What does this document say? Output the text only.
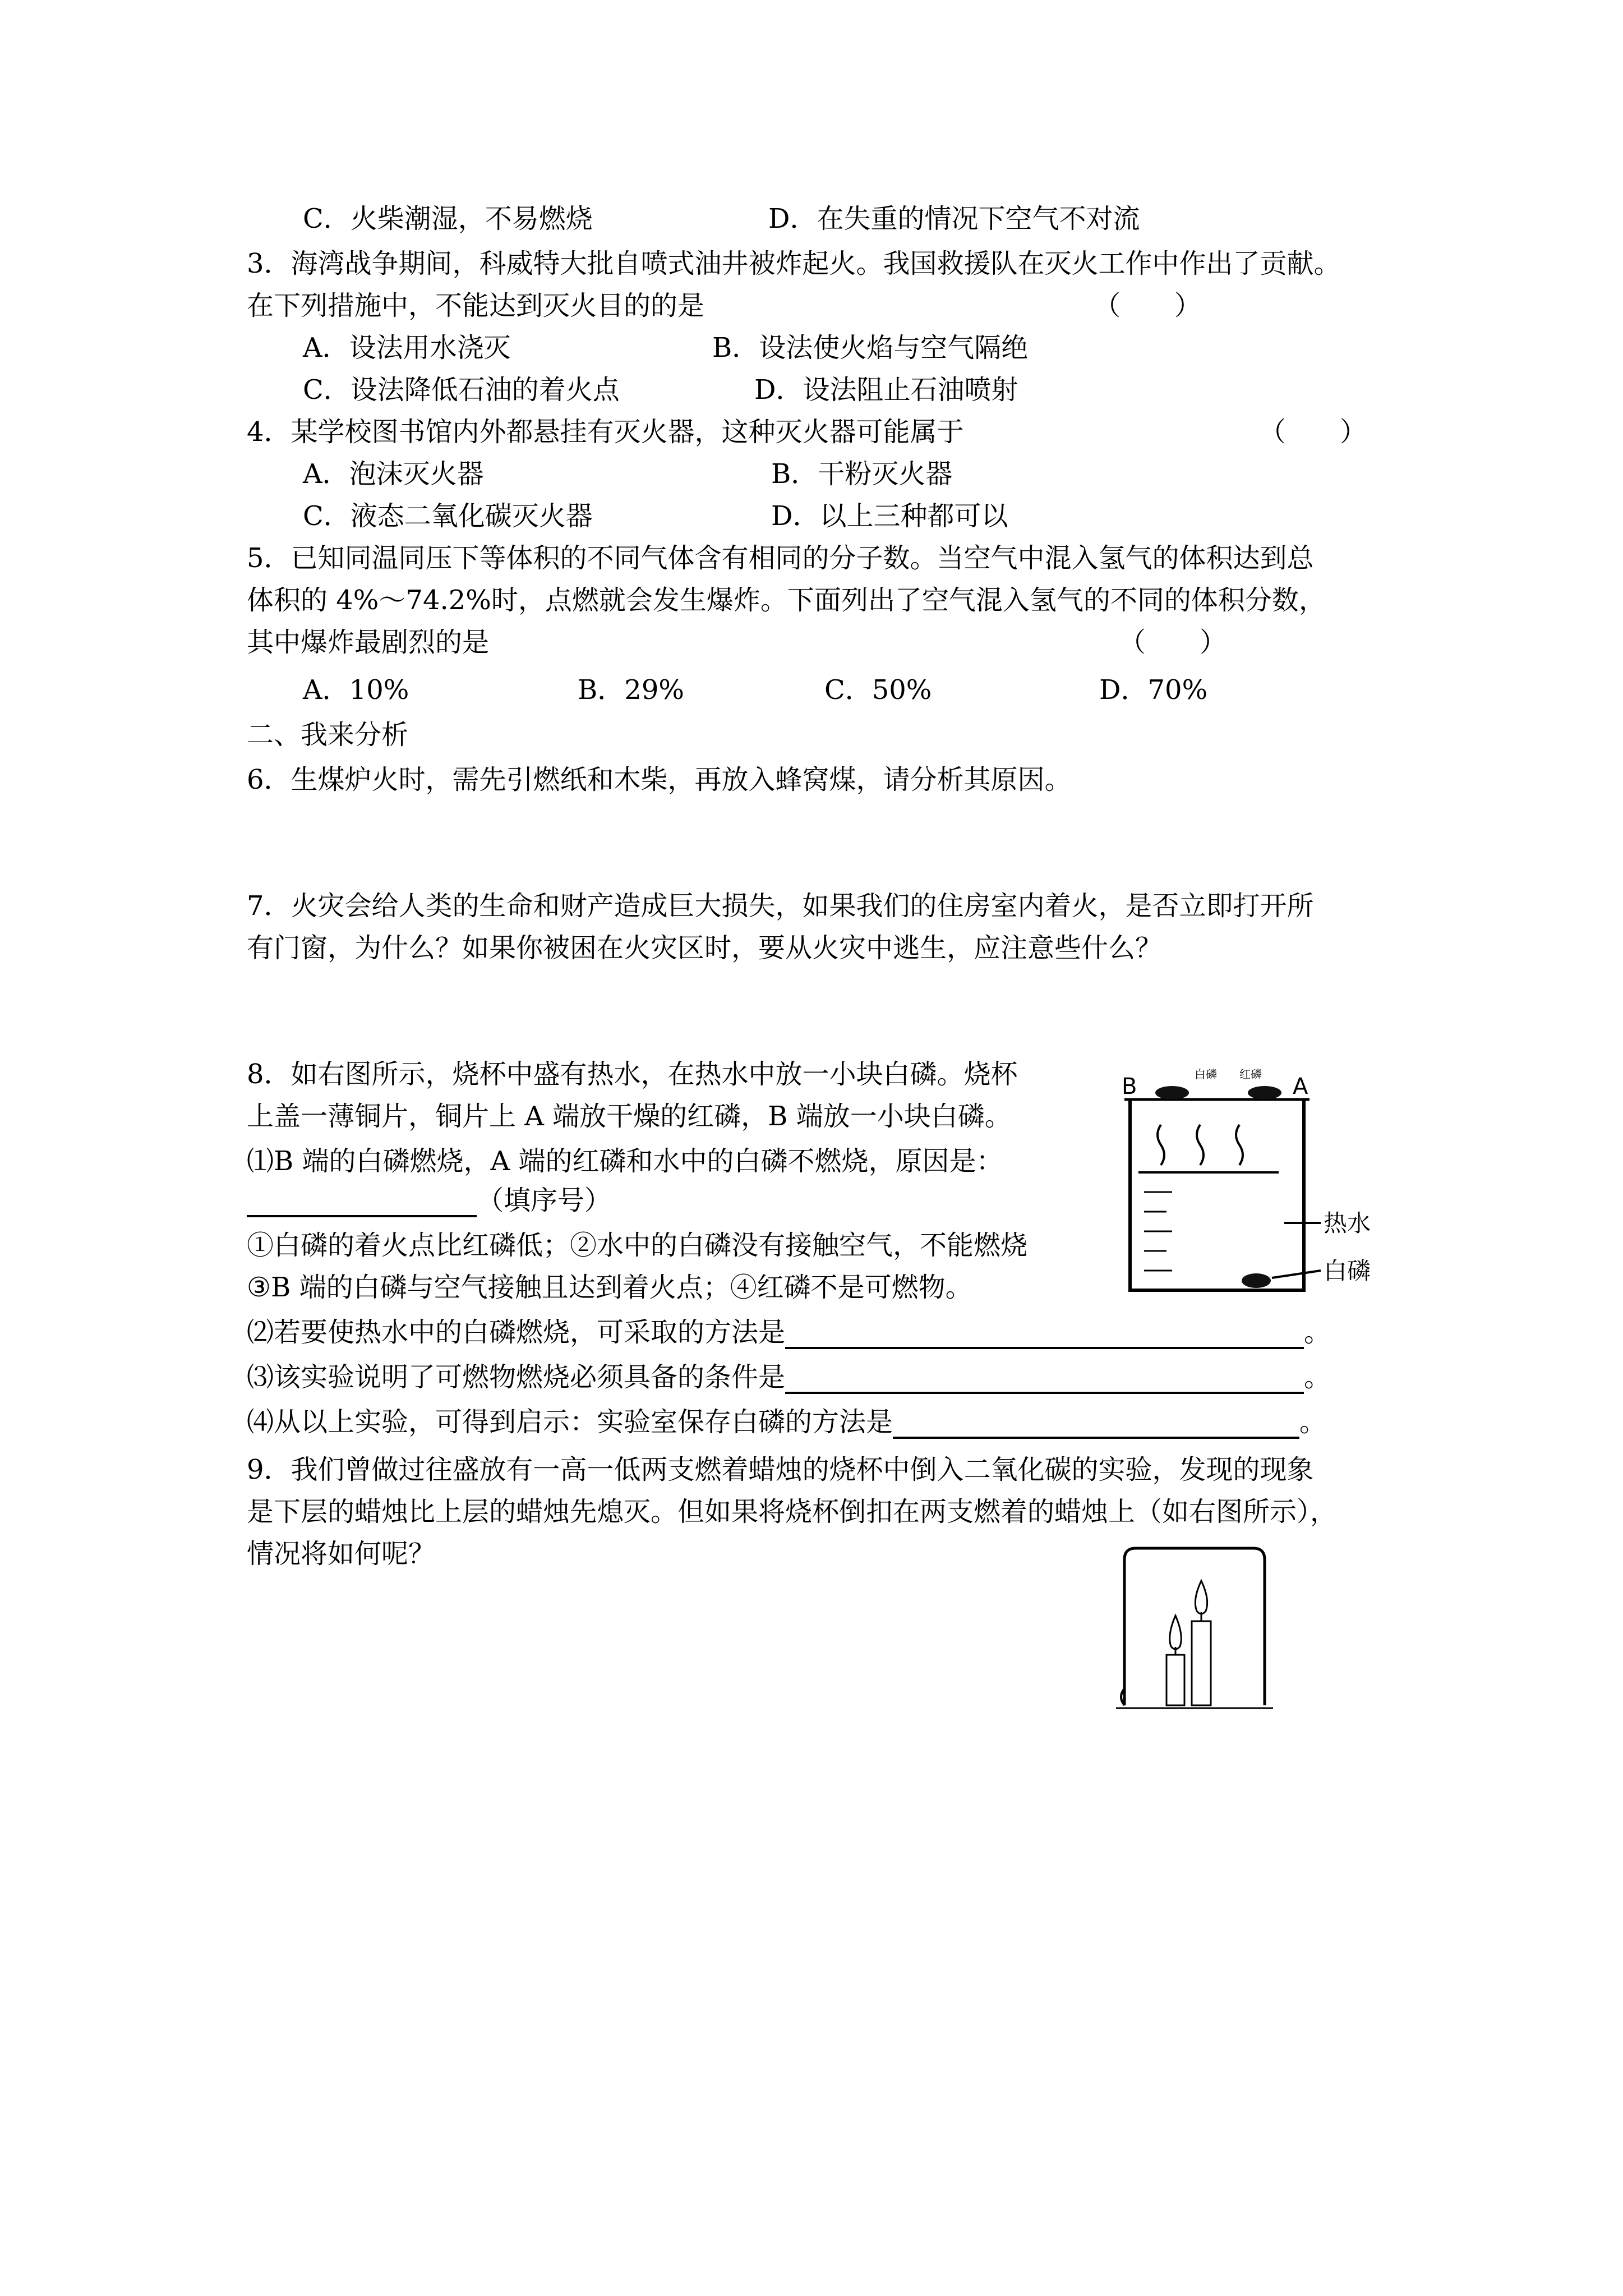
C．火柴潮湿，不易燃烧	D．在失重的情况下空气不对流
3．海湾战争期间，科威特大批自喷式油井被炸起火。我国救援队在灭火工作中作出了贡献。
在下列措施中，不能达到灭火目的的是	（　　）
A．设法用水浇灭	B．设法使火焰与空气隔绝
C．设法降低石油的着火点	D．设法阻止石油喷射
4．某学校图书馆内外都悬挂有灭火器，这种灭火器可能属于	（　　）
A．泡沫灭火器	B．干粉灭火器
C．液态二氧化碳灭火器	D．以上三种都可以
5．已知同温同压下等体积的不同气体含有相同的分子数。当空气中混入氢气的体积达到总
体积的 4%～74.2%时，点燃就会发生爆炸。下面列出了空气混入氢气的不同的体积分数，
其中爆炸最剧烈的是	（　　）
A．10%	B．29%	C．50%	D．70%
二、我来分析
6．生煤炉火时，需先引燃纸和木柴，再放入蜂窝煤，请分析其原因。
7．火灾会给人类的生命和财产造成巨大损失，如果我们的住房室内着火，是否立即打开所
有门窗，为什么？如果你被困在火灾区时，要从火灾中逃生，应注意些什么？
8．如右图所示，烧杯中盛有热水，在热水中放一小块白磷。烧杯
上盖一薄铜片，铜片上 A 端放干燥的红磷，B 端放一小块白磷。
⑴B 端的白磷燃烧，A 端的红磷和水中的白磷不燃烧，原因是：
（填序号）
①白磷的着火点比红磷低；②水中的白磷没有接触空气，不能燃烧
③B 端的白磷与空气接触且达到着火点；④红磷不是可燃物。
⑵若要使热水中的白磷燃烧，可采取的方法是	。
⑶该实验说明了可燃物燃烧必须具备的条件是	。
⑷从以上实验，可得到启示：实验室保存白磷的方法是	。
B	A
白磷 红磷
热水
白磷
9．我们曾做过往盛放有一高一低两支燃着蜡烛的烧杯中倒入二氧化碳的实验，发现的现象
是下层的蜡烛比上层的蜡烛先熄灭。但如果将烧杯倒扣在两支燃着的蜡烛上（如右图所示），
情况将如何呢？
